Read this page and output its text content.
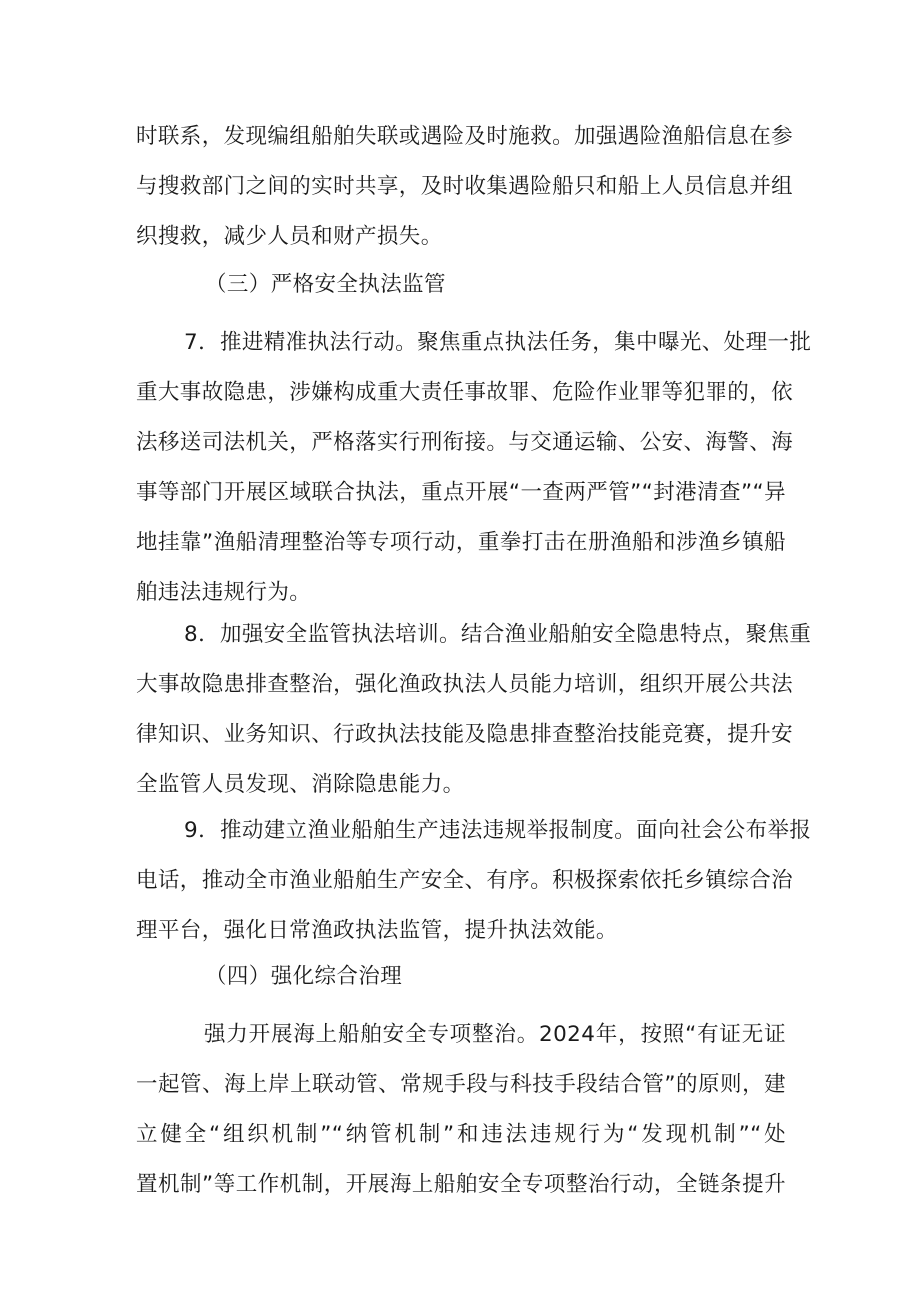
时联系，发现编组船舶失联或遇险及时施救。加强遇险渔船信息在参
与搜救部门之间的实时共享，及时收集遇险船只和船上人员信息并组
织搜救，减少人员和财产损失。

（三）严格安全执法监管

7．推进精准执法行动。聚焦重点执法任务，集中曝光、处理一批
重大事故隐患，涉嫌构成重大责任事故罪、危险作业罪等犯罪的，依
法移送司法机关，严格落实行刑衔接。与交通运输、公安、海警、海
事等部门开展区域联合执法，重点开展“一查两严管”“封港清查”“异
地挂靠”渔船清理整治等专项行动，重拳打击在册渔船和涉渔乡镇船
舶违法违规行为。

8．加强安全监管执法培训。结合渔业船舶安全隐患特点，聚焦重
大事故隐患排查整治，强化渔政执法人员能力培训，组织开展公共法
律知识、业务知识、行政执法技能及隐患排查整治技能竞赛，提升安
全监管人员发现、消除隐患能力。

9．推动建立渔业船舶生产违法违规举报制度。面向社会公布举报
电话，推动全市渔业船舶生产安全、有序。积极探索依托乡镇综合治
理平台，强化日常渔政执法监管，提升执法效能。

（四）强化综合治理

强力开展海上船舶安全专项整治。2024年，按照“有证无证
一起管、海上岸上联动管、常规手段与科技手段结合管”的原则，建
立健全“组织机制”“纳管机制”和违法违规行为“发现机制”“处
置机制”等工作机制，开展海上船舶安全专项整治行动，全链条提升
